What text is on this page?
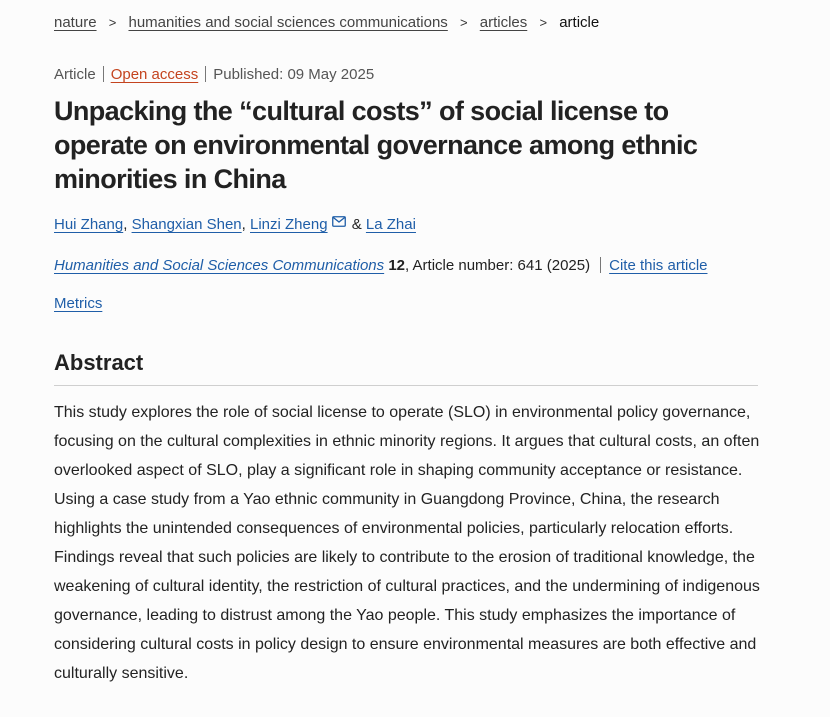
nature > humanities and social sciences communications > articles > article
Article Open access Published: 09 May 2025
Unpacking the “cultural costs” of social license to operate on environmental governance among ethnic minorities in China
Hui Zhang, Shangxian Shen, Linzi Zheng & La Zhai
Humanities and Social Sciences Communications 12, Article number: 641 (2025) Cite this article
Metrics
Abstract

This study explores the role of social license to operate (SLO) in environmental policy governance, focusing on the cultural complexities in ethnic minority regions. It argues that cultural costs, an often overlooked aspect of SLO, play a significant role in shaping community acceptance or resistance. Using a case study from a Yao ethnic community in Guangdong Province, China, the research highlights the unintended consequences of environmental policies, particularly relocation efforts. Findings reveal that such policies are likely to contribute to the erosion of traditional knowledge, the weakening of cultural identity, the restriction of cultural practices, and the undermining of indigenous governance, leading to distrust among the Yao people. This study emphasizes the importance of considering cultural costs in policy design to ensure environmental measures are both effective and culturally sensitive.
